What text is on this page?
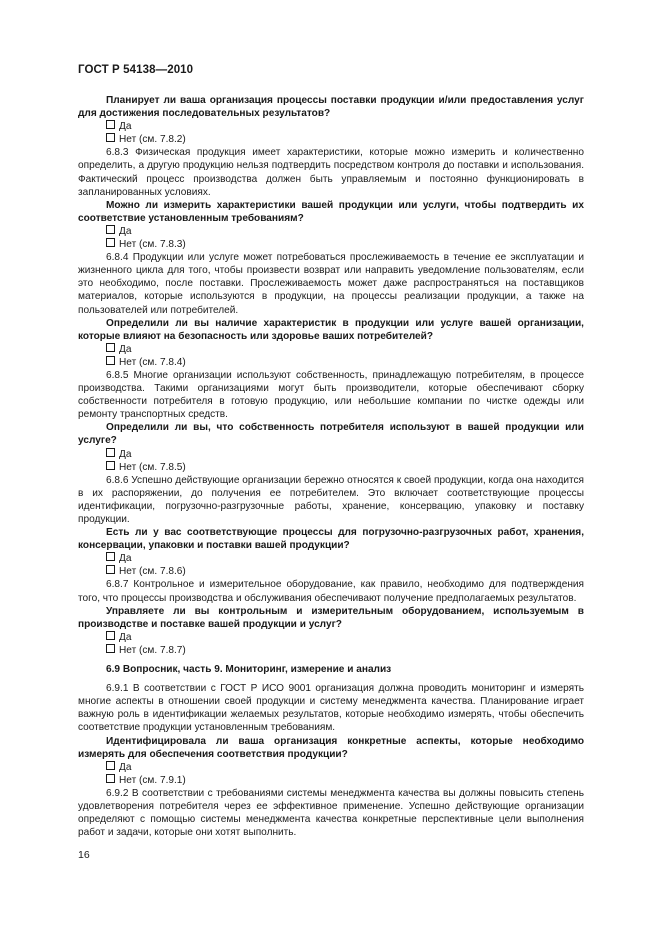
ГОСТ Р 54138—2010

Планирует ли ваша организация процессы поставки продукции и/или предоставления услуг для достижения последовательных результатов?

Да

Нет (см. 7.8.2)

6.8.3 Физическая продукция имеет характеристики, которые можно измерить и количественно определить, а другую продукцию нельзя подтвердить посредством контроля до поставки и использования. Фактический процесс производства должен быть управляемым и постоянно функционировать в запланированных условиях.

Можно ли измерить характеристики вашей продукции или услуги, чтобы подтвердить их соответствие установленным требованиям?

Да

Нет (см. 7.8.3)

6.8.4 Продукции или услуге может потребоваться прослеживаемость в течение ее эксплуатации и жизненного цикла для того, чтобы произвести возврат или направить уведомление пользователям, если это необходимо, после поставки. Прослеживаемость может даже распространяться на поставщиков материалов, которые используются в продукции, на процессы реализации продукции, а также на пользователей или потребителей.

Определили ли вы наличие характеристик в продукции или услуге вашей организации, которые влияют на безопасность или здоровье ваших потребителей?

Да

Нет (см. 7.8.4)

6.8.5 Многие организации используют собственность, принадлежащую потребителям, в процессе производства. Такими организациями могут быть производители, которые обеспечивают сборку собственности потребителя в готовую продукцию, или небольшие компании по чистке одежды или ремонту транспортных средств.

Определили ли вы, что собственность потребителя используют в вашей продукции или услуге?

Да

Нет (см. 7.8.5)

6.8.6 Успешно действующие организации бережно относятся к своей продукции, когда она находится в их распоряжении, до получения ее потребителем. Это включает соответствующие процессы идентификации, погрузочно-разгрузочные работы, хранение, консервацию, упаковку и поставку продукции.

Есть ли у вас соответствующие процессы для погрузочно-разгрузочных работ, хранения, консервации, упаковки и поставки вашей продукции?

Да

Нет (см. 7.8.6)

6.8.7 Контрольное и измерительное оборудование, как правило, необходимо для подтверждения того, что процессы производства и обслуживания обеспечивают получение предполагаемых результатов.

Управляете ли вы контрольным и измерительным оборудованием, используемым в производстве и поставке вашей продукции и услуг?

Да

Нет (см. 7.8.7)

6.9 Вопросник, часть 9. Мониторинг, измерение и анализ

6.9.1 В соответствии с ГОСТ Р ИСО 9001 организация должна проводить мониторинг и измерять многие аспекты в отношении своей продукции и систему менеджмента качества. Планирование играет важную роль в идентификации желаемых результатов, которые необходимо измерять, чтобы обеспечить соответствие продукции установленным требованиям.

Идентифицировала ли ваша организация конкретные аспекты, которые необходимо измерять для обеспечения соответствия продукции?

Да

Нет (см. 7.9.1)

6.9.2 В соответствии с требованиями системы менеджмента качества вы должны повысить степень удовлетворения потребителя через ее эффективное применение. Успешно действующие организации определяют с помощью системы менеджмента качества конкретные перспективные цели выполнения работ и задачи, которые они хотят выполнить.

16
